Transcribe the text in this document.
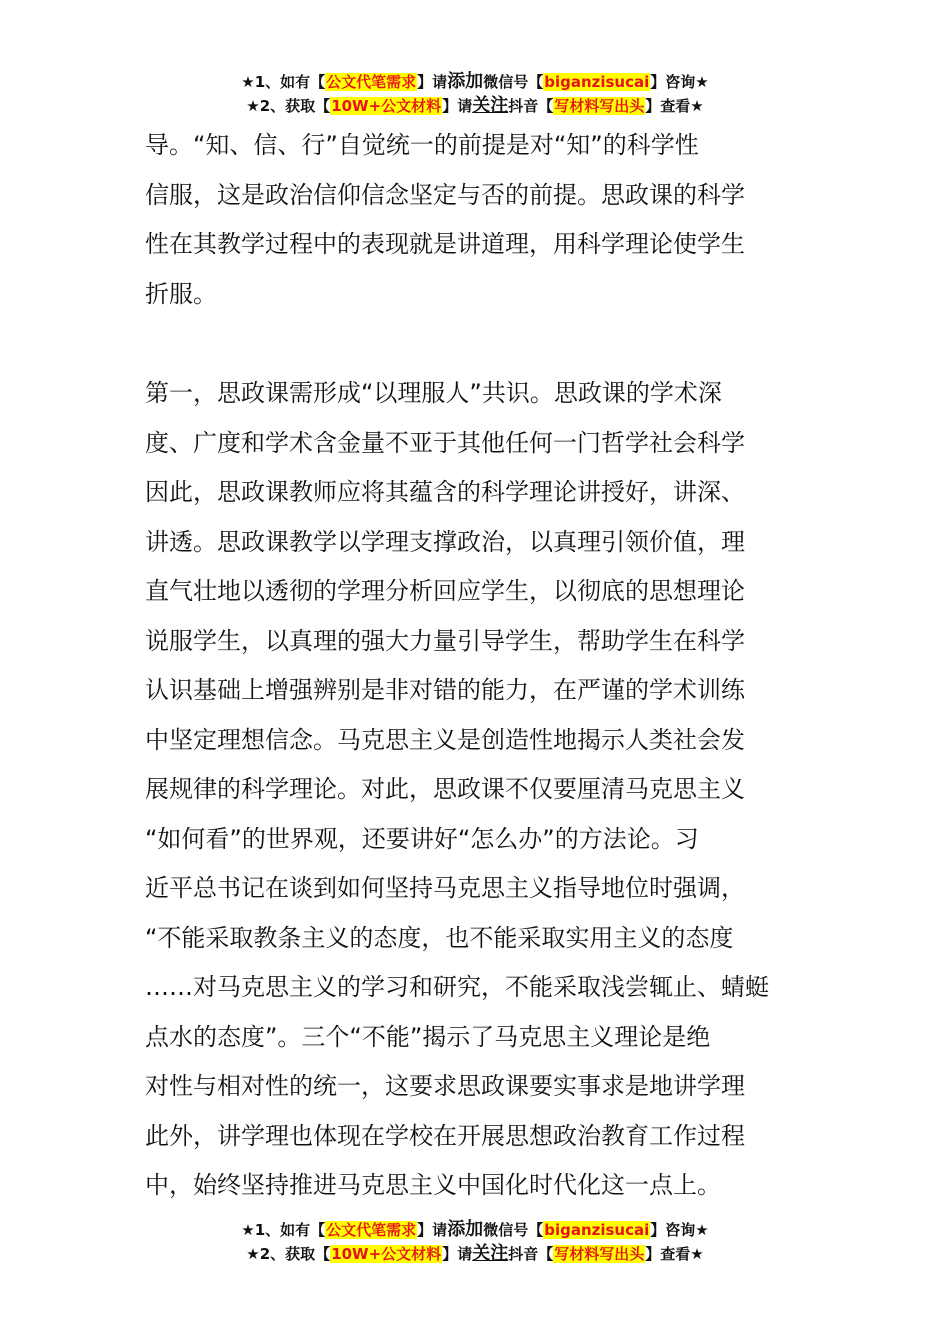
★1、如有【公文代笔需求】请添加微信号【biganzisucai】咨询★
★2、获取【10W+公文材料】请关注抖音【写材料写出头】查看★
导。“知、信、行”自觉统一的前提是对“知”的科学性
信服，这是政治信仰信念坚定与否的前提。思政课的科学
性在其教学过程中的表现就是讲道理，用科学理论使学生
折服。
第一，思政课需形成“以理服人”共识。思政课的学术深
度、广度和学术含金量不亚于其他任何一门哲学社会科学
因此，思政课教师应将其蕴含的科学理论讲授好，讲深、
讲透。思政课教学以学理支撑政治，以真理引领价值，理
直气壮地以透彻的学理分析回应学生，以彻底的思想理论
说服学生，以真理的强大力量引导学生，帮助学生在科学
认识基础上增强辨别是非对错的能力，在严谨的学术训练
中坚定理想信念。马克思主义是创造性地揭示人类社会发
展规律的科学理论。对此，思政课不仅要厘清马克思主义
“如何看”的世界观，还要讲好“怎么办”的方法论。习
近平总书记在谈到如何坚持马克思主义指导地位时强调，
“不能采取教条主义的态度，也不能采取实用主义的态度
……对马克思主义的学习和研究，不能采取浅尝辄止、蜻蜓
点水的态度”。三个“不能”揭示了马克思主义理论是绝
对性与相对性的统一，这要求思政课要实事求是地讲学理
此外，讲学理也体现在学校在开展思想政治教育工作过程
中，始终坚持推进马克思主义中国化时代化这一点上。
★1、如有【公文代笔需求】请添加微信号【biganzisucai】咨询★
★2、获取【10W+公文材料】请关注抖音【写材料写出头】查看★
